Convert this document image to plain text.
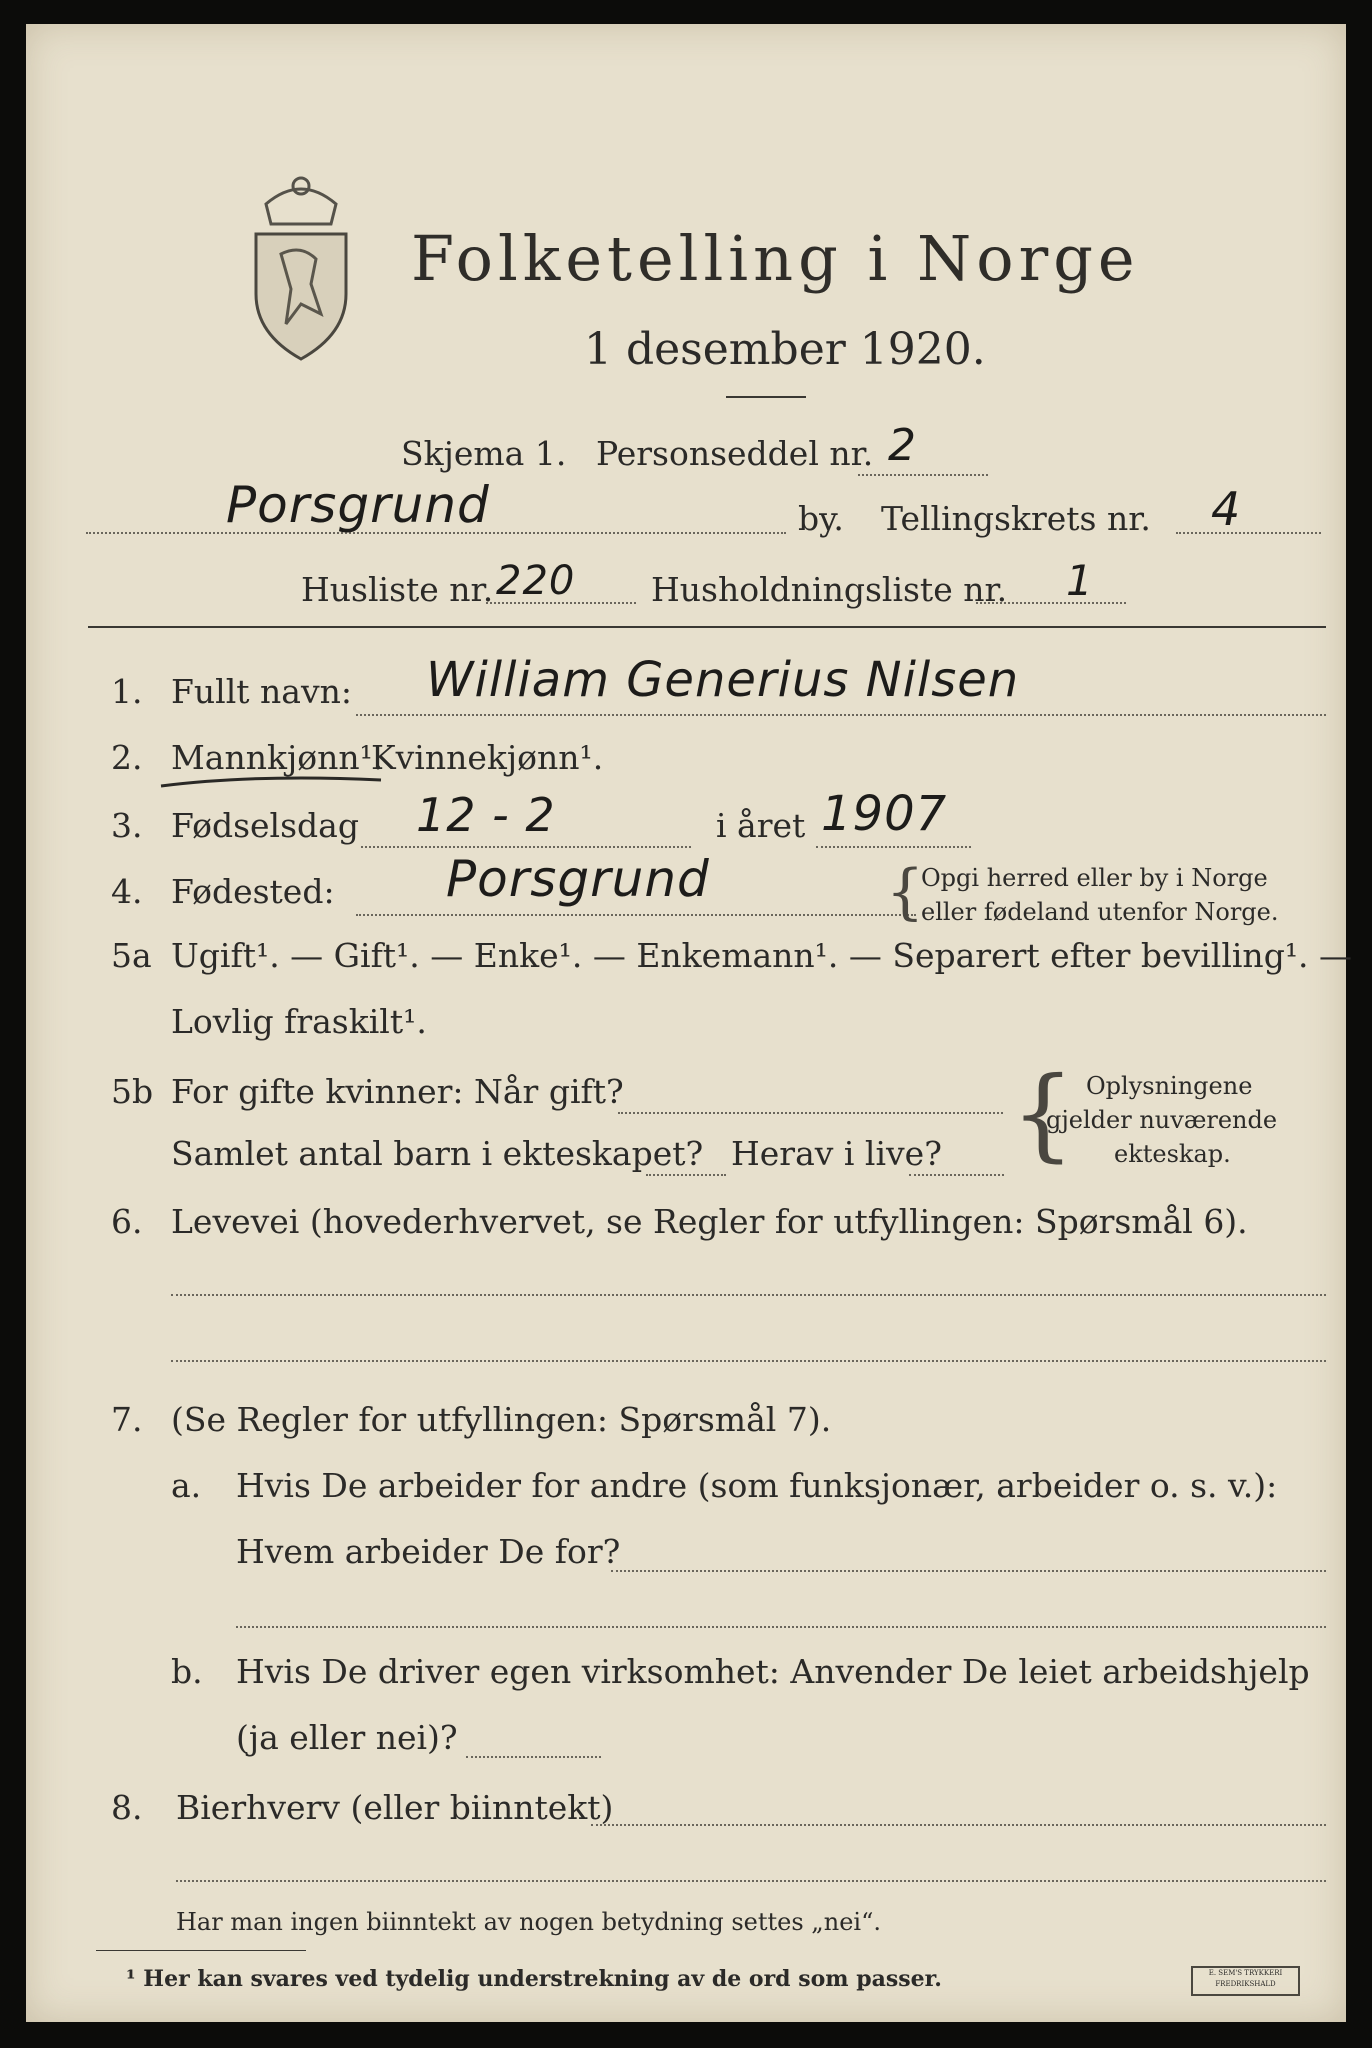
Folketelling i Norge
1 desember 1920.
Skjema 1. Personseddel nr. 2
Porsgrund	by. Tellingskrets nr. 4
Husliste nr. 220 Husholdningsliste nr. 1
1. Fullt navn: William Generius Nilsen
2. Mannkjønn¹.
Kvinnekjønn¹.
3. Fødselsdag 12 - 2	i året 1907
4. Fødested: Porsgrund	{
Opgi herred eller by i Norge
eller fødeland utenfor Norge.
5a Ugift¹. — Gift¹. — Enke¹. — Enkemann¹. — Separert efter bevilling¹. —
Lovlig fraskilt¹.
5b For gifte kvinner: Når gift?
Samlet antal barn i ekteskapet? Herav i live? { Oplysningene
gjelder nuværende
ekteskap.
6. Levevei (hovederhvervet, se Regler for utfyllingen: Spørsmål 6).
7. (Se Regler for utfyllingen: Spørsmål 7).
a. Hvis De arbeider for andre (som funksjonær, arbeider o. s. v.):
Hvem arbeider De for?
b. Hvis De driver egen virksomhet: Anvender De leiet arbeidshjelp
(ja eller nei)?
8. Bierhverv (eller biinntekt)
Har man ingen biinntekt av nogen betydning settes „nei“.
¹ Her kan svares ved tydelig understrekning av de ord som passer.	E. SEM'S TRYKKERI FREDRIKSHALD
